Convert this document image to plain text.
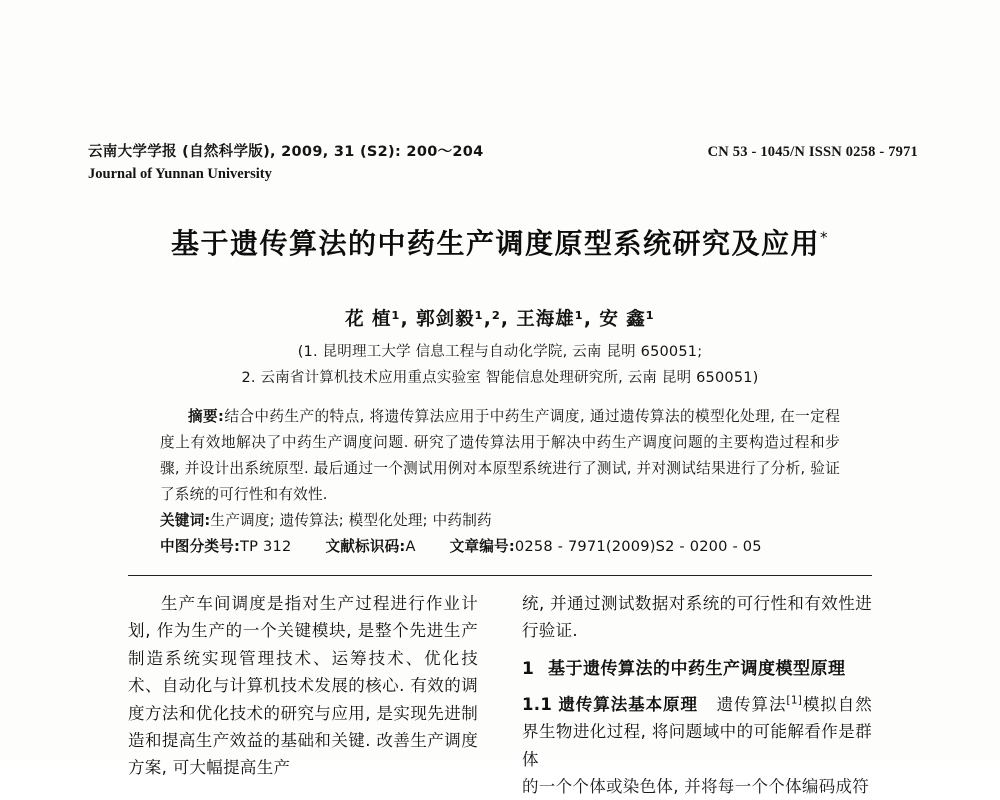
云南大学学报 (自然科学版), 2009, 31 (S2): 200～204	CN 53 - 1045/N ISSN 0258 - 7971
Journal of Yunnan University
基于遗传算法的中药生产调度原型系统研究及应用*
花 植¹, 郭剑毅¹,², 王海雄¹, 安 鑫¹
(1. 昆明理工大学 信息工程与自动化学院, 云南 昆明 650051;
2. 云南省计算机技术应用重点实验室 智能信息处理研究所, 云南 昆明 650051)

摘要:结合中药生产的特点, 将遗传算法应用于中药生产调度, 通过遗传算法的模型化处理, 在一定程度上有效地解决了中药生产调度问题. 研究了遗传算法用于解决中药生产调度问题的主要构造过程和步骤, 并设计出系统原型. 最后通过一个测试用例对本原型系统进行了测试, 并对测试结果进行了分析, 验证了系统的可行性和有效性.

关键词:生产调度; 遗传算法; 模型化处理; 中药制药

中图分类号:TP 312 文献标识码:A 文章编号:0258 - 7971(2009)S2 - 0200 - 05

生产车间调度是指对生产过程进行作业计划, 作为生产的一个关键模块, 是整个先进生产制造系统实现管理技术、运筹技术、优化技术、自动化与计算机技术发展的核心. 有效的调度方法和优化技术的研究与应用, 是实现先进制造和提高生产效益的基础和关键. 改善生产调度方案, 可大幅提高生产

统, 并通过测试数据对系统的可行性和有效性进行验证.

1 基于遗传算法的中药生产调度模型原理
1.1 遗传算法基本原理 遗传算法[1]模拟自然界生物进化过程, 将问题域中的可能解看作是群体

的一个个体或染色体, 并将每一个个体编码成符
